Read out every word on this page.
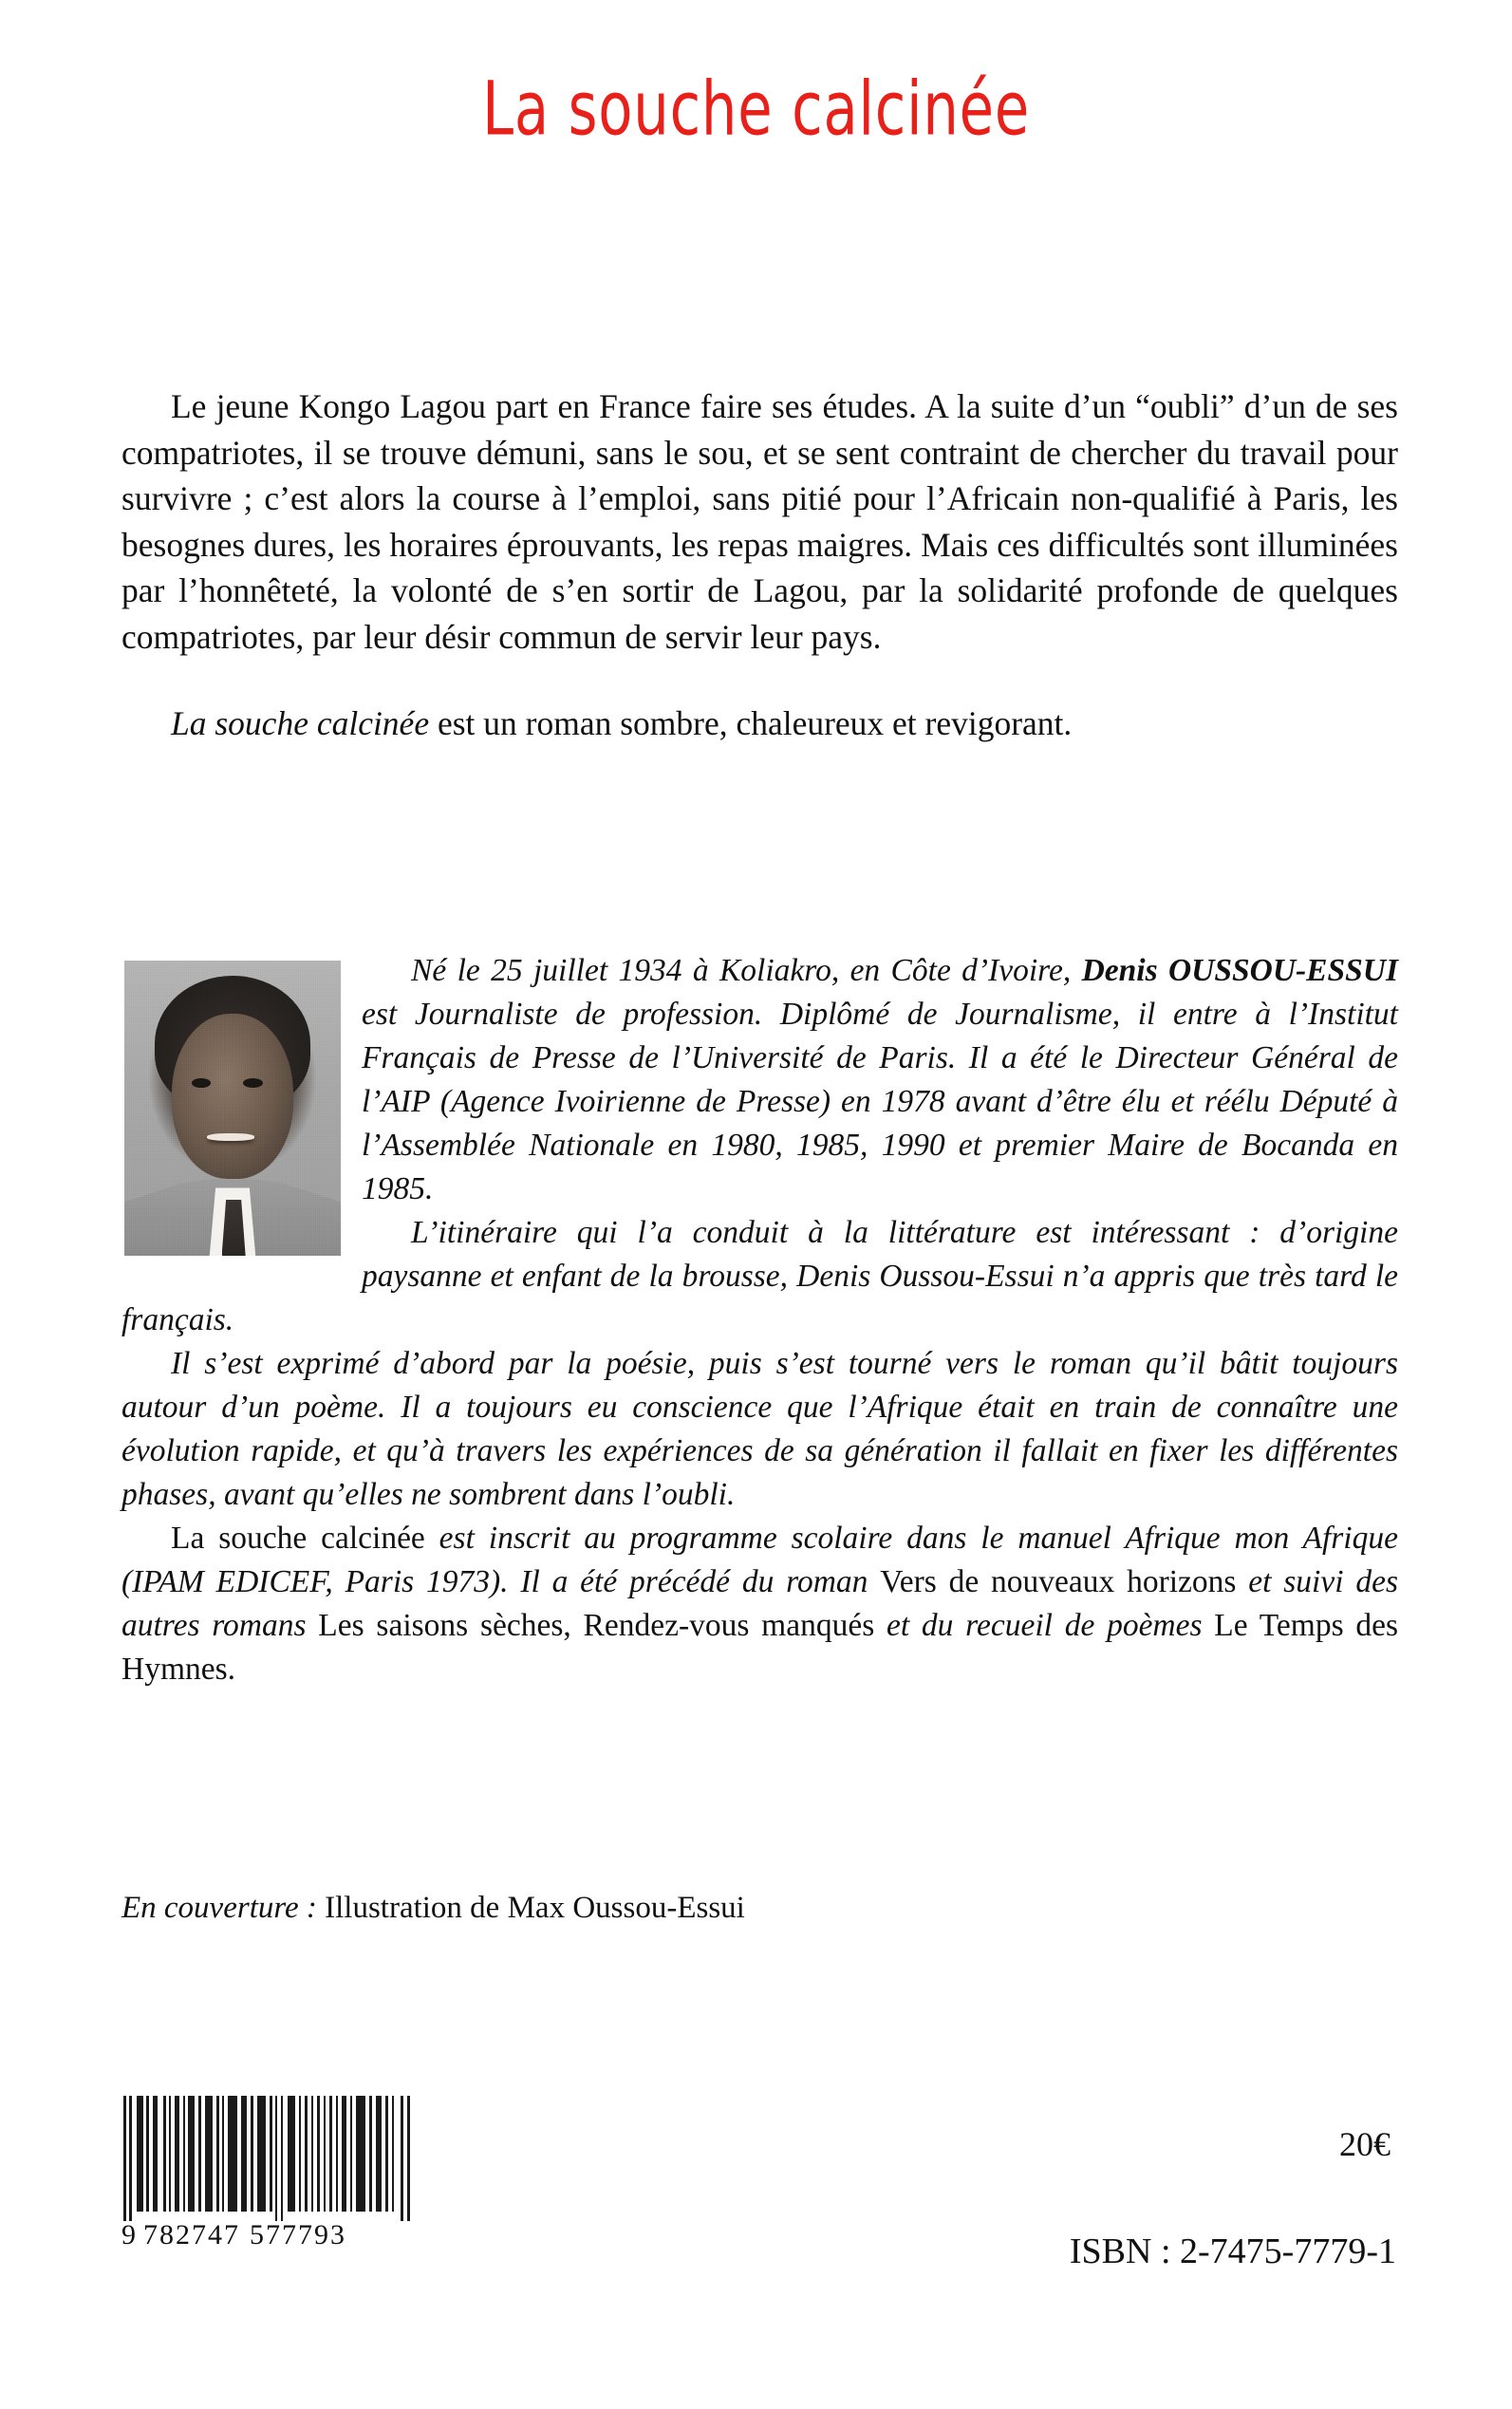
La souche calcinée

Le jeune Kongo Lagou part en France faire ses études. A la suite d’un “oubli” d’un de ses compatriotes, il se trouve démuni, sans le sou, et se sent contraint de chercher du travail pour survivre ; c’est alors la course à l’emploi, sans pitié pour l’Africain non-qualifié à Paris, les besognes dures, les horaires éprouvants, les repas maigres. Mais ces difficultés sont illuminées par l’honnêteté, la volonté de s’en sortir de Lagou, par la solidarité profonde de quelques compatriotes, par leur désir commun de servir leur pays.

La souche calcinée est un roman sombre, chaleureux et revigorant.

Né le 25 juillet 1934 à Koliakro, en Côte d’Ivoire, Denis OUSSOU-ESSUI est Journaliste de profession. Diplômé de Journalisme, il entre à l’Institut Français de Presse de l’Université de Paris. Il a été le Directeur Général de l’AIP (Agence Ivoirienne de Presse) en 1978 avant d’être élu et réélu Député à l’Assemblée Nationale en 1980, 1985, 1990 et premier Maire de Bocanda en 1985.

L’itinéraire qui l’a conduit à la littérature est intéressant : d’origine paysanne et enfant de la brousse, Denis Oussou-Essui n’a appris que très tard le français.

Il s’est exprimé d’abord par la poésie, puis s’est tourné vers le roman qu’il bâtit toujours autour d’un poème. Il a toujours eu conscience que l’Afrique était en train de connaître une évolution rapide, et qu’à travers les expériences de sa génération il fallait en fixer les différentes phases, avant qu’elles ne sombrent dans l’oubli.

La souche calcinée est inscrit au programme scolaire dans le manuel Afrique mon Afrique (IPAM EDICEF, Paris 1973). Il a été précédé du roman Vers de nouveaux horizons et suivi des autres romans Les saisons sèches, Rendez-vous manqués et du recueil de poèmes Le Temps des Hymnes.

En couverture : Illustration de Max Oussou-Essui
9 782747 577793
20€
ISBN : 2-7475-7779-1
